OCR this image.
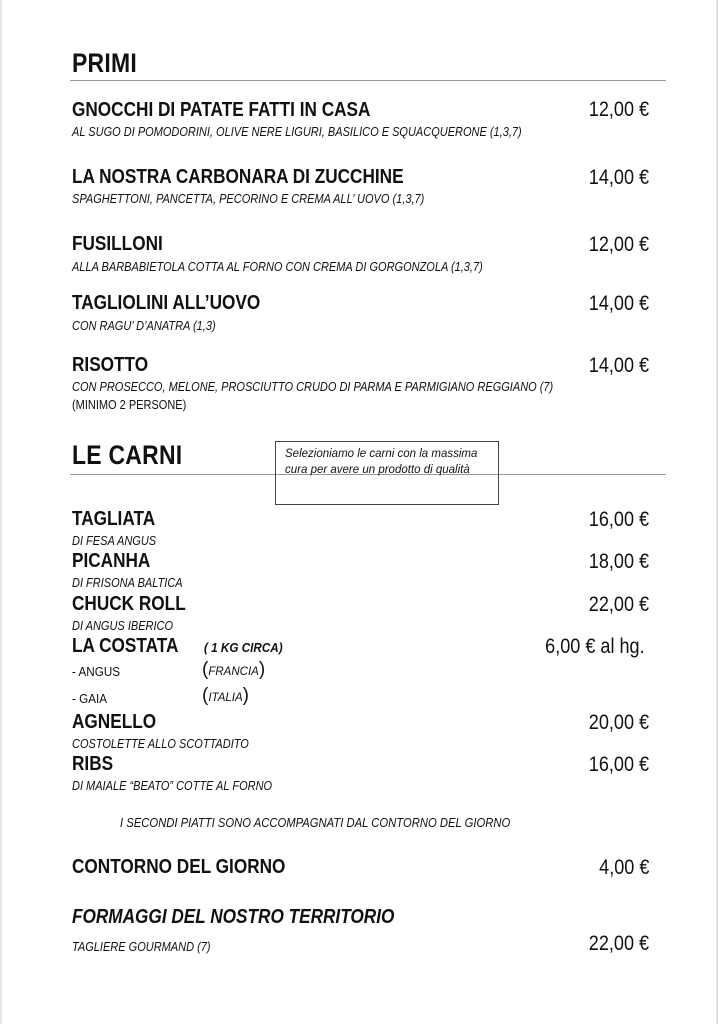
PRIMI
GNOCCHI DI PATATE FATTI IN CASA	12,00 €
AL SUGO DI POMODORINI, OLIVE NERE LIGURI, BASILICO E SQUACQUERONE (1,3,7)
LA NOSTRA CARBONARA DI ZUCCHINE	14,00 €
SPAGHETTONI, PANCETTA, PECORINO E CREMA ALL’ UOVO (1,3,7)
FUSILLONI	12,00 €
ALLA BARBABIETOLA COTTA AL FORNO CON CREMA DI GORGONZOLA (1,3,7)
TAGLIOLINI ALL’UOVO	14,00 €
CON RAGU’ D’ANATRA (1,3)
RISOTTO	14,00 €
CON PROSECCO, MELONE, PROSCIUTTO CRUDO DI PARMA E PARMIGIANO REGGIANO (7)
(MINIMO 2 PERSONE)
LE CARNI	Selezioniamo le carni con la massima
cura per avere un prodotto di qualità
TAGLIATA	16,00 €
DI FESA ANGUS
PICANHA	18,00 €
DI FRISONA BALTICA
CHUCK ROLL	22,00 €
DI ANGUS IBERICO
LA COSTATA ( 1 KG CIRCA)	6,00 € al hg.
- ANGUS	(FRANCIA)
- GAIA	(ITALIA)
AGNELLO	20,00 €
COSTOLETTE ALLO SCOTTADITO
RIBS	16,00 €
DI MAIALE “BEATO” COTTE AL FORNO
I SECONDI PIATTI SONO ACCOMPAGNATI DAL CONTORNO DEL GIORNO
CONTORNO DEL GIORNO	4,00 €
FORMAGGI DEL NOSTRO TERRITORIO
TAGLIERE GOURMAND (7)	22,00 €
